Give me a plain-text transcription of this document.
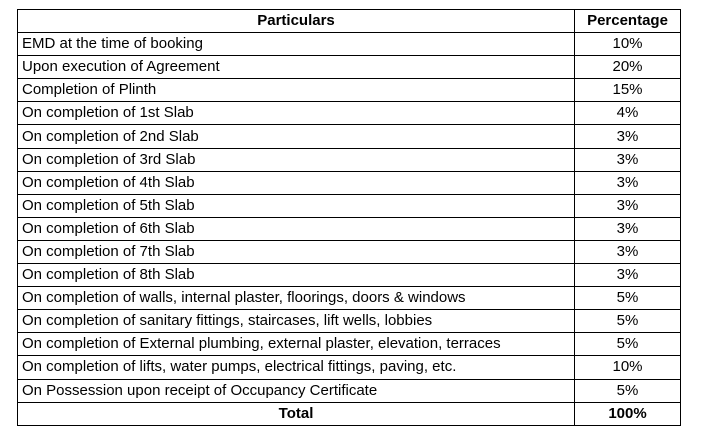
Particulars	Percentage
EMD at the time of booking	10%
Upon execution of Agreement	20%
Completion of Plinth	15%
On completion of 1st Slab	4%
On completion of 2nd Slab	3%
On completion of 3rd Slab	3%
On completion of 4th Slab	3%
On completion of 5th Slab	3%
On completion of 6th Slab	3%
On completion of 7th Slab	3%
On completion of 8th Slab	3%
On completion of walls, internal plaster, floorings, doors & windows	5%
On completion of sanitary fittings, staircases, lift wells, lobbies	5%
On completion of External plumbing, external plaster, elevation, terraces	5%
On completion of lifts, water pumps, electrical fittings, paving, etc.	10%
On Possession upon receipt of Occupancy Certificate	5%
Total	100%
